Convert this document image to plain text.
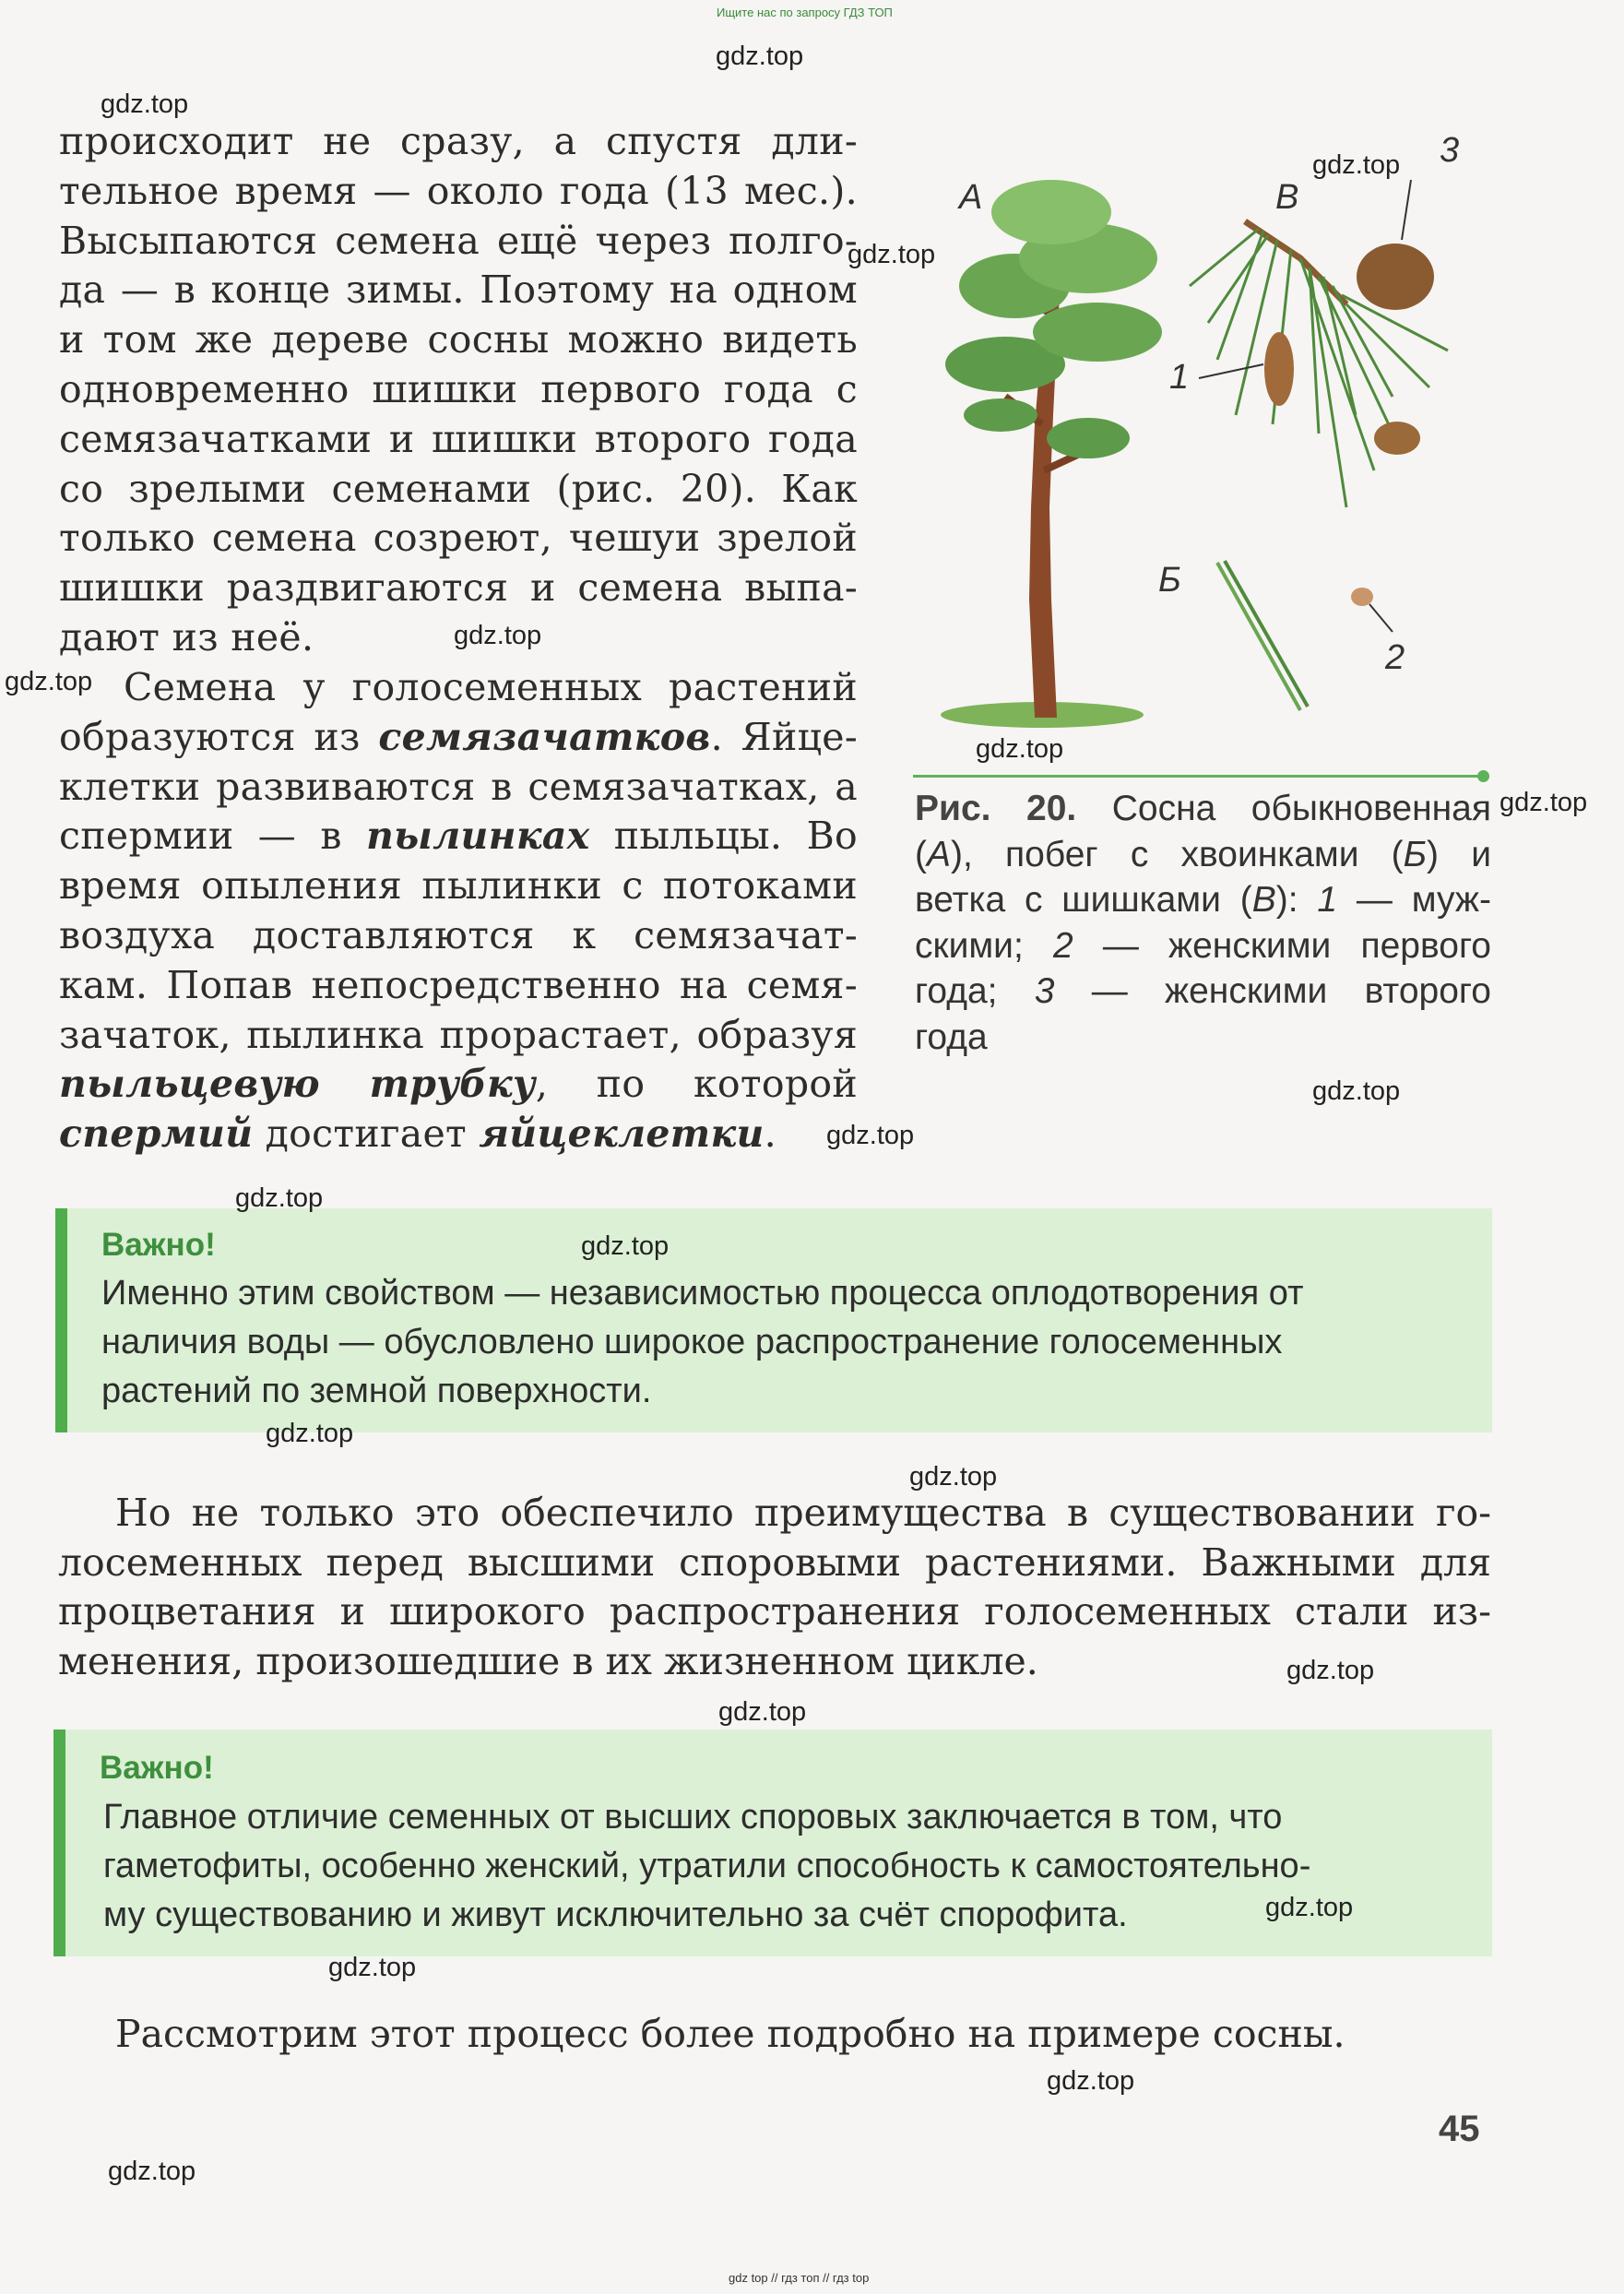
Ищите нас по запросу ГДЗ ТОП
происходит не сразу, а спустя дли-
тельное время — около года (13 мес.).
Высыпаются семена ещё через полго-
да — в конце зимы. Поэтому на одном
и том же дереве сосны можно видеть
одновременно шишки первого года с
семязачатками и шишки второго года
со зрелыми семенами (рис. 20). Как
только семена созреют, чешуи зрелой
шишки раздвигаются и семена выпа-
дают из неё.
Семена у голосеменных растений
образуются из семязачатков. Яйце-
клетки развиваются в семязачатках, а
спермии — в пылинках пыльцы. Во
время опыления пылинки с потоками
воздуха доставляются к семязачат-
кам. Попав непосредственно на семя-
зачаток, пылинка прорастает, образуя
пыльцевую трубку, по которой
спермий достигает яйцеклетки.
А	В
Б
3
1
2
Рис. 20. Сосна обыкновенная
(А), побег с хвоинками (Б) и
ветка с шишками (В): 1 — муж-
скими; 2 — женскими первого
года; 3 — женскими второго
года
Важно!
Именно этим свойством — независимостью процесса оплодотворения от
наличия воды — обусловлено широкое распространение голосеменных
растений по земной поверхности.
Но не только это обеспечило преимущества в существовании го-
лосеменных перед высшими споровыми растениями. Важными для
процветания и широкого распространения голосеменных стали из-
менения, произошедшие в их жизненном цикле.
Важно!
Главное отличие семенных от высших споровых заключается в том, что
гаметофиты, особенно женский, утратили способность к самостоятельно-
му существованию и живут исключительно за счёт спорофита.
Рассмотрим этот процесс более подробно на примере сосны.
45
gdz.top
gdz.top
gdz.top
gdz.top
gdz.top
gdz.top
gdz.top
gdz.top
gdz.top
gdz.top
gdz.top
gdz.top
gdz.top
gdz.top
gdz.top
gdz.top
gdz.top
gdz.top
gdz.top
gdz.top
gdz top // гдз топ // гдз top
